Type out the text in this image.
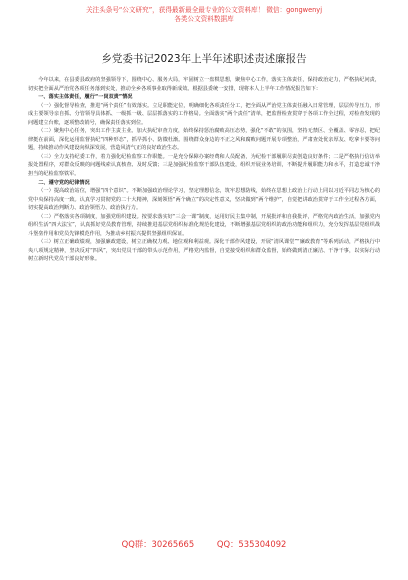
关注头条号“公文研究”，获得最新最全最专业的公文资料库！ 微信：gongwenyj
各类公文资料数据库
乡党委书记2023年上半年述职述责述廉报告

今年以来，在县委县政府的坚强领导下，围绕中心、服务大局，牢固树立一盘棋思想，聚焦中心工作，落实主体责任，保持政治定力，严格执纪问责，切实把全面从严治党各项任务落到实处，推动全乡各项事业取得新成效。根据县委统一安排，现将本人上半年工作情况报告如下：

一、落实主体责任，履行“一岗双责”情况

（一）强化督导检查，推进“两个责任”有效落实。立足职能定位，明确细化各项责任分工，把全面从严治党主体责任融入日常管理，层层传导压力，形成主要领导亲自抓、分管领导具体抓、一级抓一级、层层抓落实的工作格局。全面落实“两个责任”清单，把监督检查贯穿于各项工作全过程，对检查发现的问题建立台账，逐项整改销号，确保责任落实到位。

（二）聚焦中心任务，突出工作主责主业。加大执纪审查力度，始终保持惩治腐败高压态势，强化“不敢”的氛围，坚持无禁区、全覆盖、零容忍，把纪律挺在前面，深化运用监督执纪“四种形态”，抓早抓小、防微杜渐。围绕群众身边的不正之风和腐败问题开展专项整治，严肃查处优亲厚友、吃拿卡要等问题，持续推动作风建设向纵深发展，营造风清气正的良好政治生态。

（三）全力支持纪委工作，着力强化纪检监察工作职能。一是充分保障办案经费和人员配备，为纪检干部履职尽责创造良好条件；二是严格执行信访举报处置程序，对群众反映的问题线索认真核查、及时反馈；三是加强纪检监察干部队伍建设，组织开展业务培训，不断提升履职能力和水平，打造忠诚干净担当的纪检监察铁军。

二、遵守党的纪律情况

（一）提高政治站位，增强“四个意识”。不断加强政治理论学习，坚定理想信念，筑牢思想防线，始终在思想上政治上行动上同以习近平同志为核心的党中央保持高度一致。认真学习贯彻党的二十大精神，深刻领悟“两个确立”的决定性意义，坚决做到“两个维护”，自觉把讲政治贯穿于工作全过程各方面，切实提高政治判断力、政治领悟力、政治执行力。

（二）严格落实各项制度，加强党组织建设。按要求落实好“三会一课”制度，运用好民主集中制，开展批评和自我批评，严格党内政治生活，加强党内组织生活“四大法宝”，认真抓好党员教育管理，持续推进基层党组织标准化规范化建设，不断增强基层党组织的政治功能和组织力，充分发挥基层党组织战斗堡垒作用和党员先锋模范作用，为推动乡村振兴提供坚强组织保证。

（三）树立正确政绩观，加强廉政建设，树立正确权力观、地位观和利益观。深化干部作风建设，开展“清风课堂”“廉政教育”等系列活动，严格执行中央八项规定精神，坚决反对“四风”，突出党员干部的带头示范作用，严格党内监督，自觉接受组织和群众监督，始终做到清正廉洁、干净干事，以实际行动树立新时代党员干部良好形象。

QQ群：30265665	QQ：535304092
